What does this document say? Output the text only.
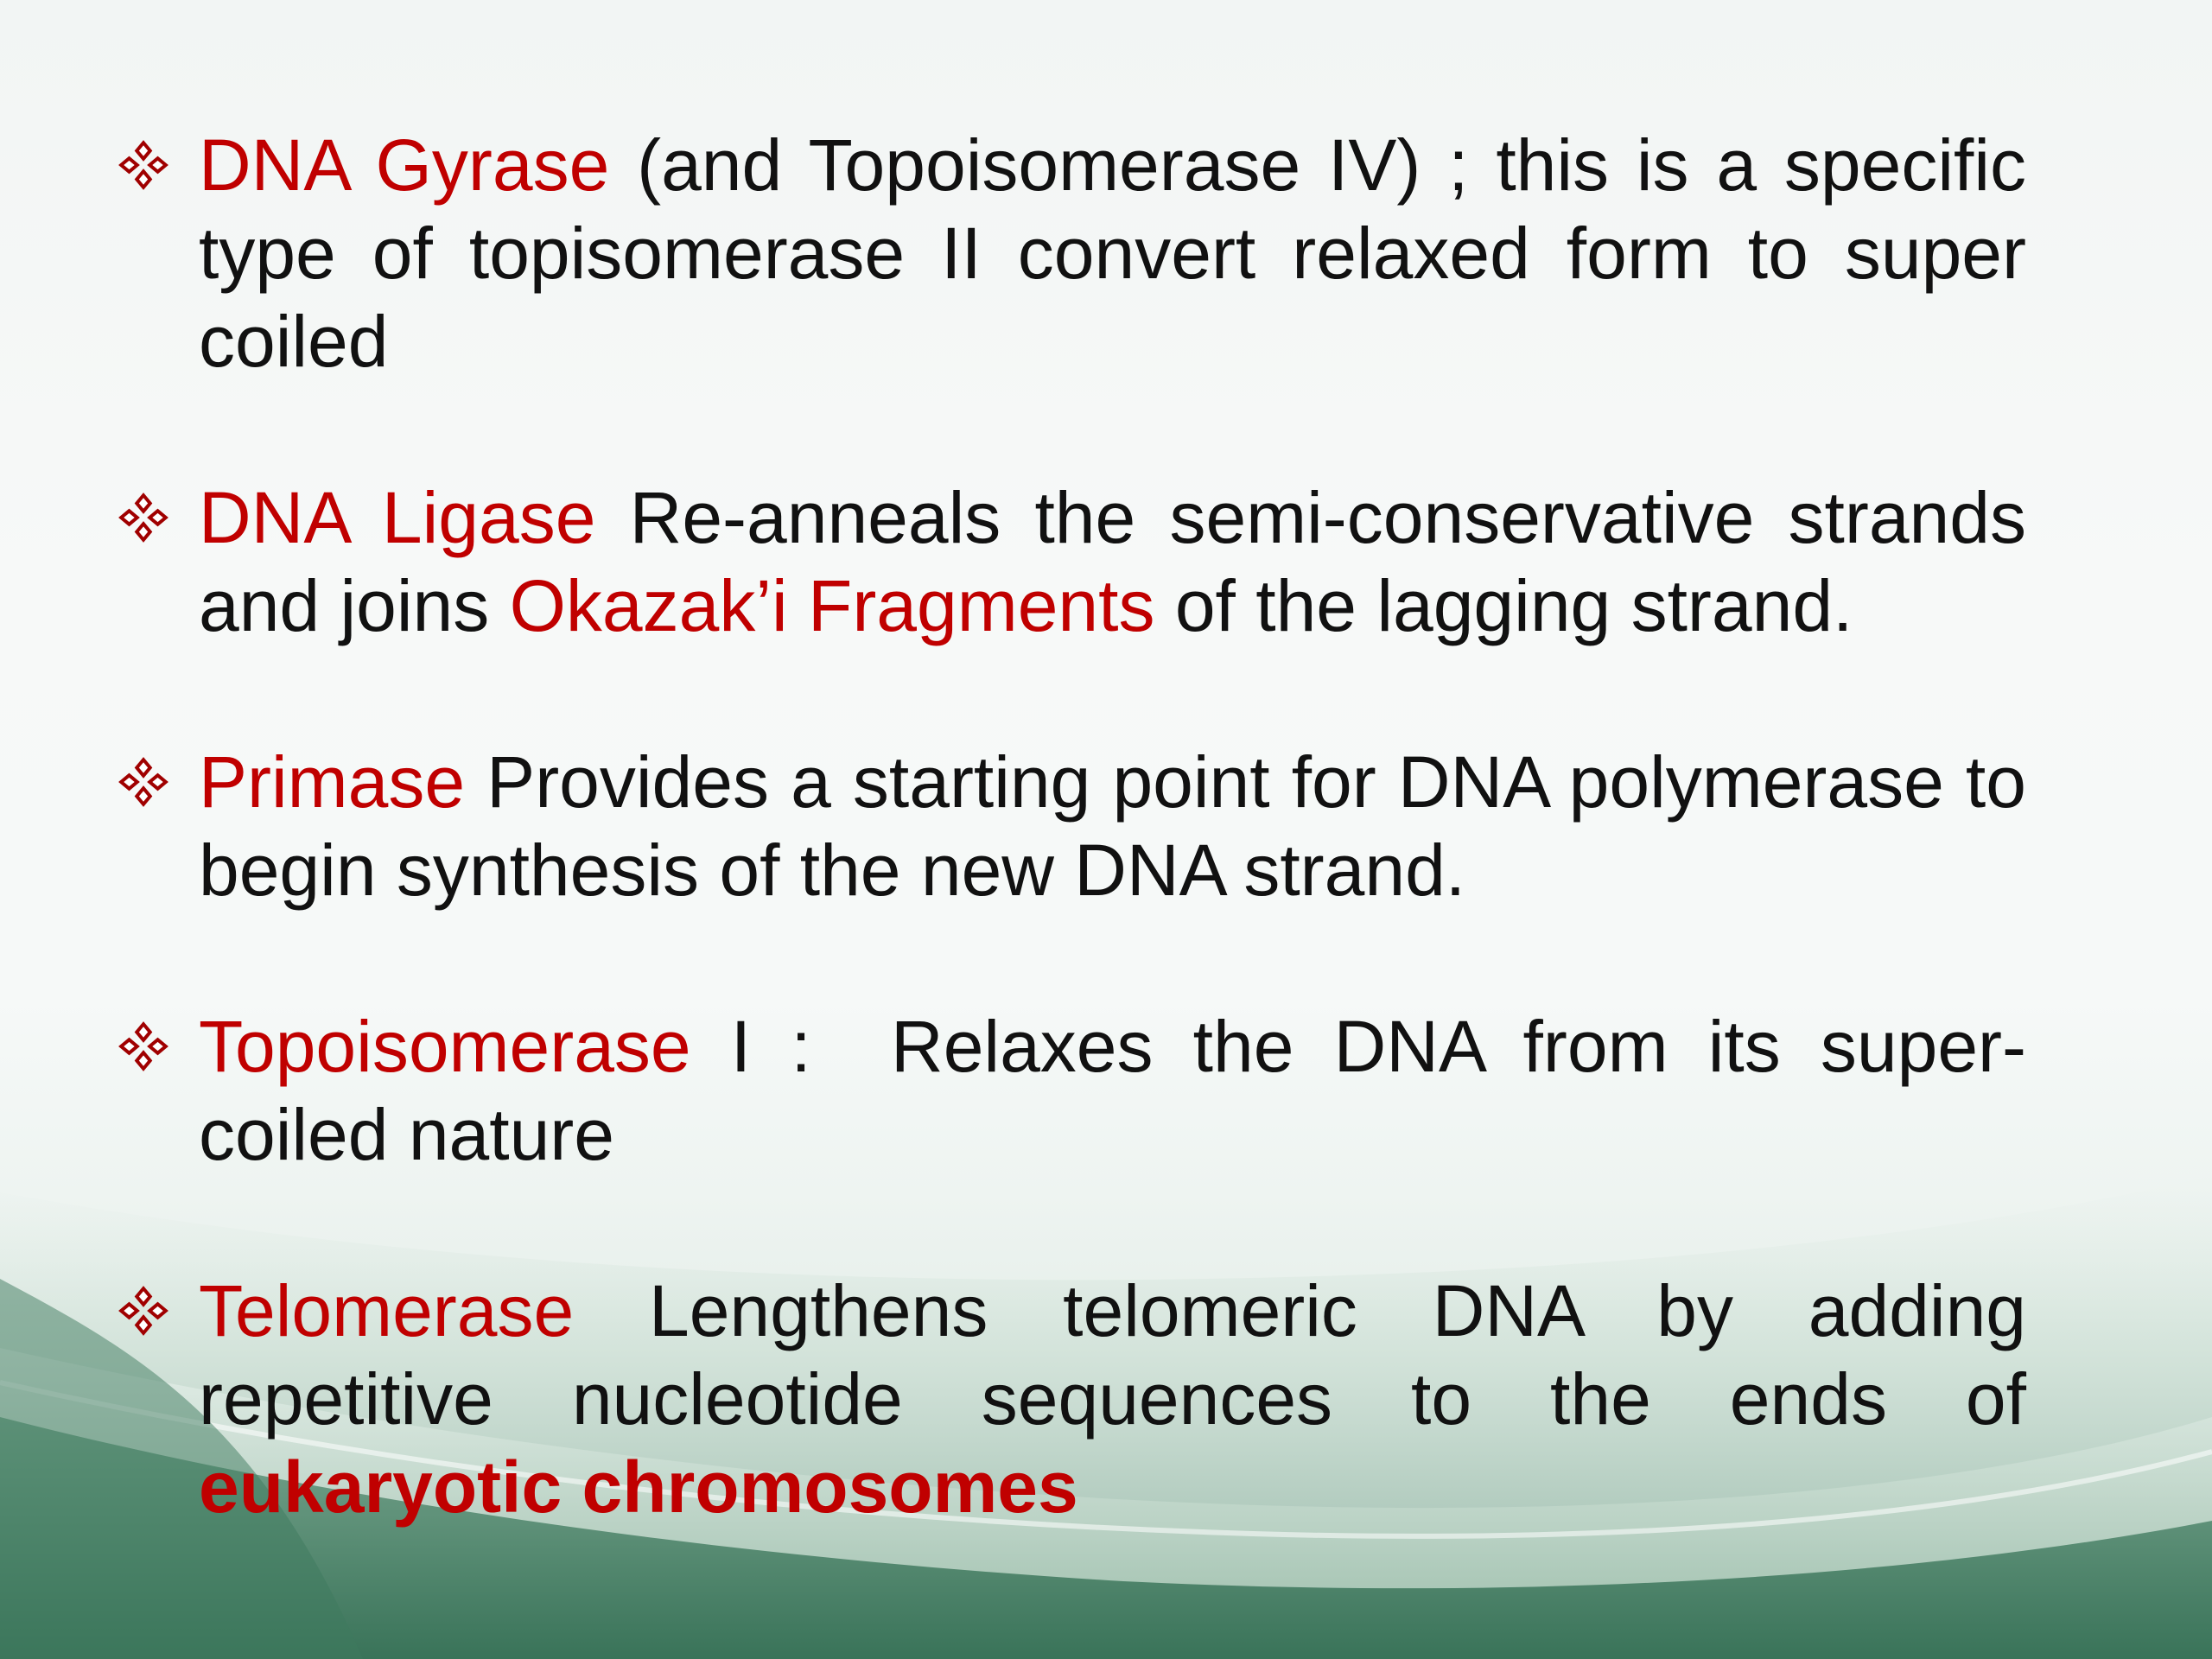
DNA Gyrase (and Topoisomerase IV) ; this is a specific type of topisomerase II convert relaxed form to super coiled
DNA Ligase Re-anneals the semi-conservative strands and joins Okazak’i Fragments of the lagging strand.
Primase Provides a starting point for DNA polymerase to begin synthesis of the new DNA strand.
Topoisomerase I :  Relaxes the DNA from its super-coiled nature
Telomerase Lengthens telomeric DNA by adding repetitive nucleotide sequences to the ends of eukaryotic chromosomes
